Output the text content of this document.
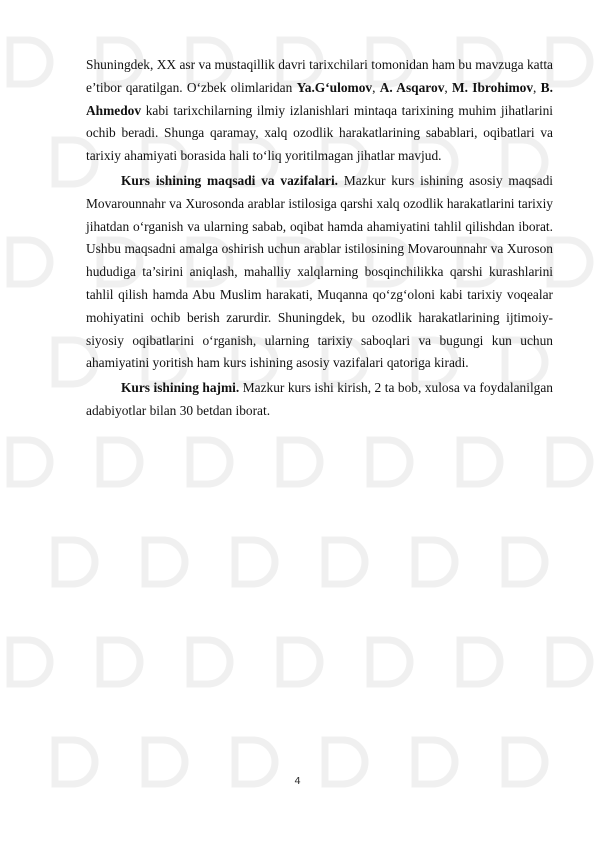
Shuningdek, XX asr va mustaqillik davri tarixchilari tomonidan ham bu mavzuga katta e’tibor qaratilgan. O‘zbek olimlaridan Ya.G‘ulomov, A. Asqarov, M. Ibrohimov, B. Ahmedov kabi tarixchilarning ilmiy izlanishlari mintaqa tarixining muhim jihatlarini ochib beradi. Shunga qaramay, xalq ozodlik harakatlarining sabablari, oqibatlari va tarixiy ahamiyati borasida hali to‘liq yoritilmagan jihatlar mavjud.

Kurs ishining maqsadi va vazifalari. Mazkur kurs ishining asosiy maqsadi Movarounnahr va Xurosonda arablar istilosiga qarshi xalq ozodlik harakatlarini tarixiy jihatdan o‘rganish va ularning sabab, oqibat hamda ahamiyatini tahlil qilishdan iborat. Ushbu maqsadni amalga oshirish uchun arablar istilosining Movarounnahr va Xuroson hududiga ta’sirini aniqlash, mahalliy xalqlarning bosqinchilikka qarshi kurashlarini tahlil qilish hamda Abu Muslim harakati, Muqanna qo‘zg‘oloni kabi tarixiy voqealar mohiyatini ochib berish zarurdir. Shuningdek, bu ozodlik harakatlarining ijtimoiy-siyosiy oqibatlarini o‘rganish, ularning tarixiy saboqlari va bugungi kun uchun ahamiyatini yoritish ham kurs ishining asosiy vazifalari qatoriga kiradi.

Kurs ishining hajmi. Mazkur kurs ishi kirish, 2 ta bob, xulosa va foydalanilgan adabiyotlar bilan 30 betdan iborat.

4
